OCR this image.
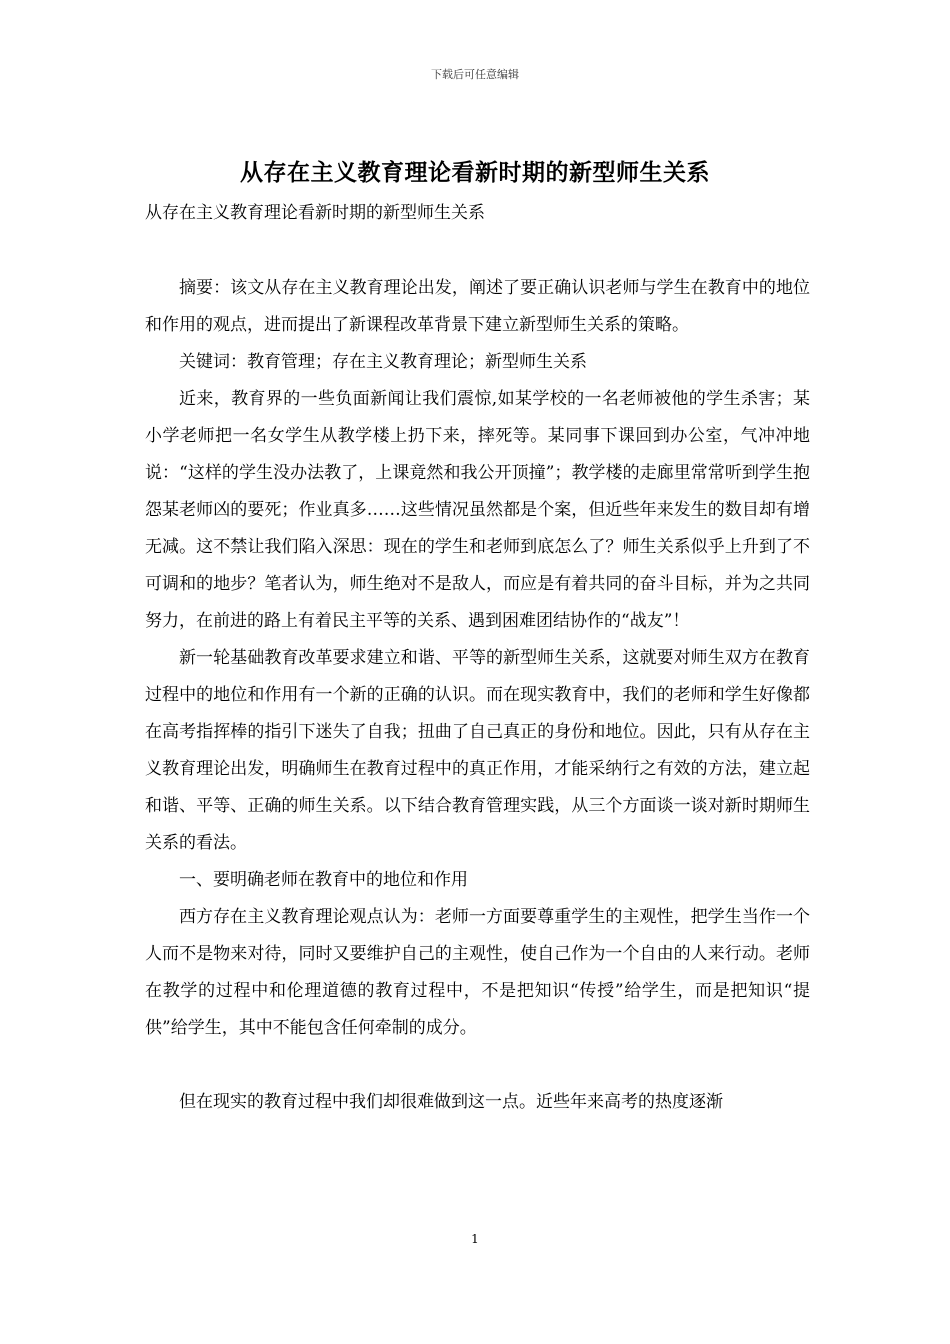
下载后可任意编辑
从存在主义教育理论看新时期的新型师生关系
从存在主义教育理论看新时期的新型师生关系

摘要：该文从存在主义教育理论出发，阐述了要正确认识老师与学生在教育中的地位和作用的观点，进而提出了新课程改革背景下建立新型师生关系的策略。

关键词：教育管理；存在主义教育理论；新型师生关系

近来，教育界的一些负面新闻让我们震惊,如某学校的一名老师被他的学生杀害；某小学老师把一名女学生从教学楼上扔下来，摔死等。某同事下课回到办公室，气冲冲地说：“这样的学生没办法教了，上课竟然和我公开顶撞”；教学楼的走廊里常常听到学生抱怨某老师凶的要死；作业真多……这些情况虽然都是个案，但近些年来发生的数目却有增无减。这不禁让我们陷入深思：现在的学生和老师到底怎么了？师生关系似乎上升到了不可调和的地步？笔者认为，师生绝对不是敌人，而应是有着共同的奋斗目标，并为之共同努力，在前进的路上有着民主平等的关系、遇到困难团结协作的“战友”！

新一轮基础教育改革要求建立和谐、平等的新型师生关系，这就要对师生双方在教育过程中的地位和作用有一个新的正确的认识。而在现实教育中，我们的老师和学生好像都在高考指挥棒的指引下迷失了自我；扭曲了自己真正的身份和地位。因此，只有从存在主义教育理论出发，明确师生在教育过程中的真正作用，才能采纳行之有效的方法，建立起和谐、平等、正确的师生关系。以下结合教育管理实践，从三个方面谈一谈对新时期师生关系的看法。

一、要明确老师在教育中的地位和作用

西方存在主义教育理论观点认为：老师一方面要尊重学生的主观性，把学生当作一个人而不是物来对待，同时又要维护自己的主观性，使自己作为一个自由的人来行动。老师在教学的过程中和伦理道德的教育过程中，不是把知识“传授”给学生，而是把知识“提供”给学生，其中不能包含任何牵制的成分。

但在现实的教育过程中我们却很难做到这一点。近些年来高考的热度逐渐

1
